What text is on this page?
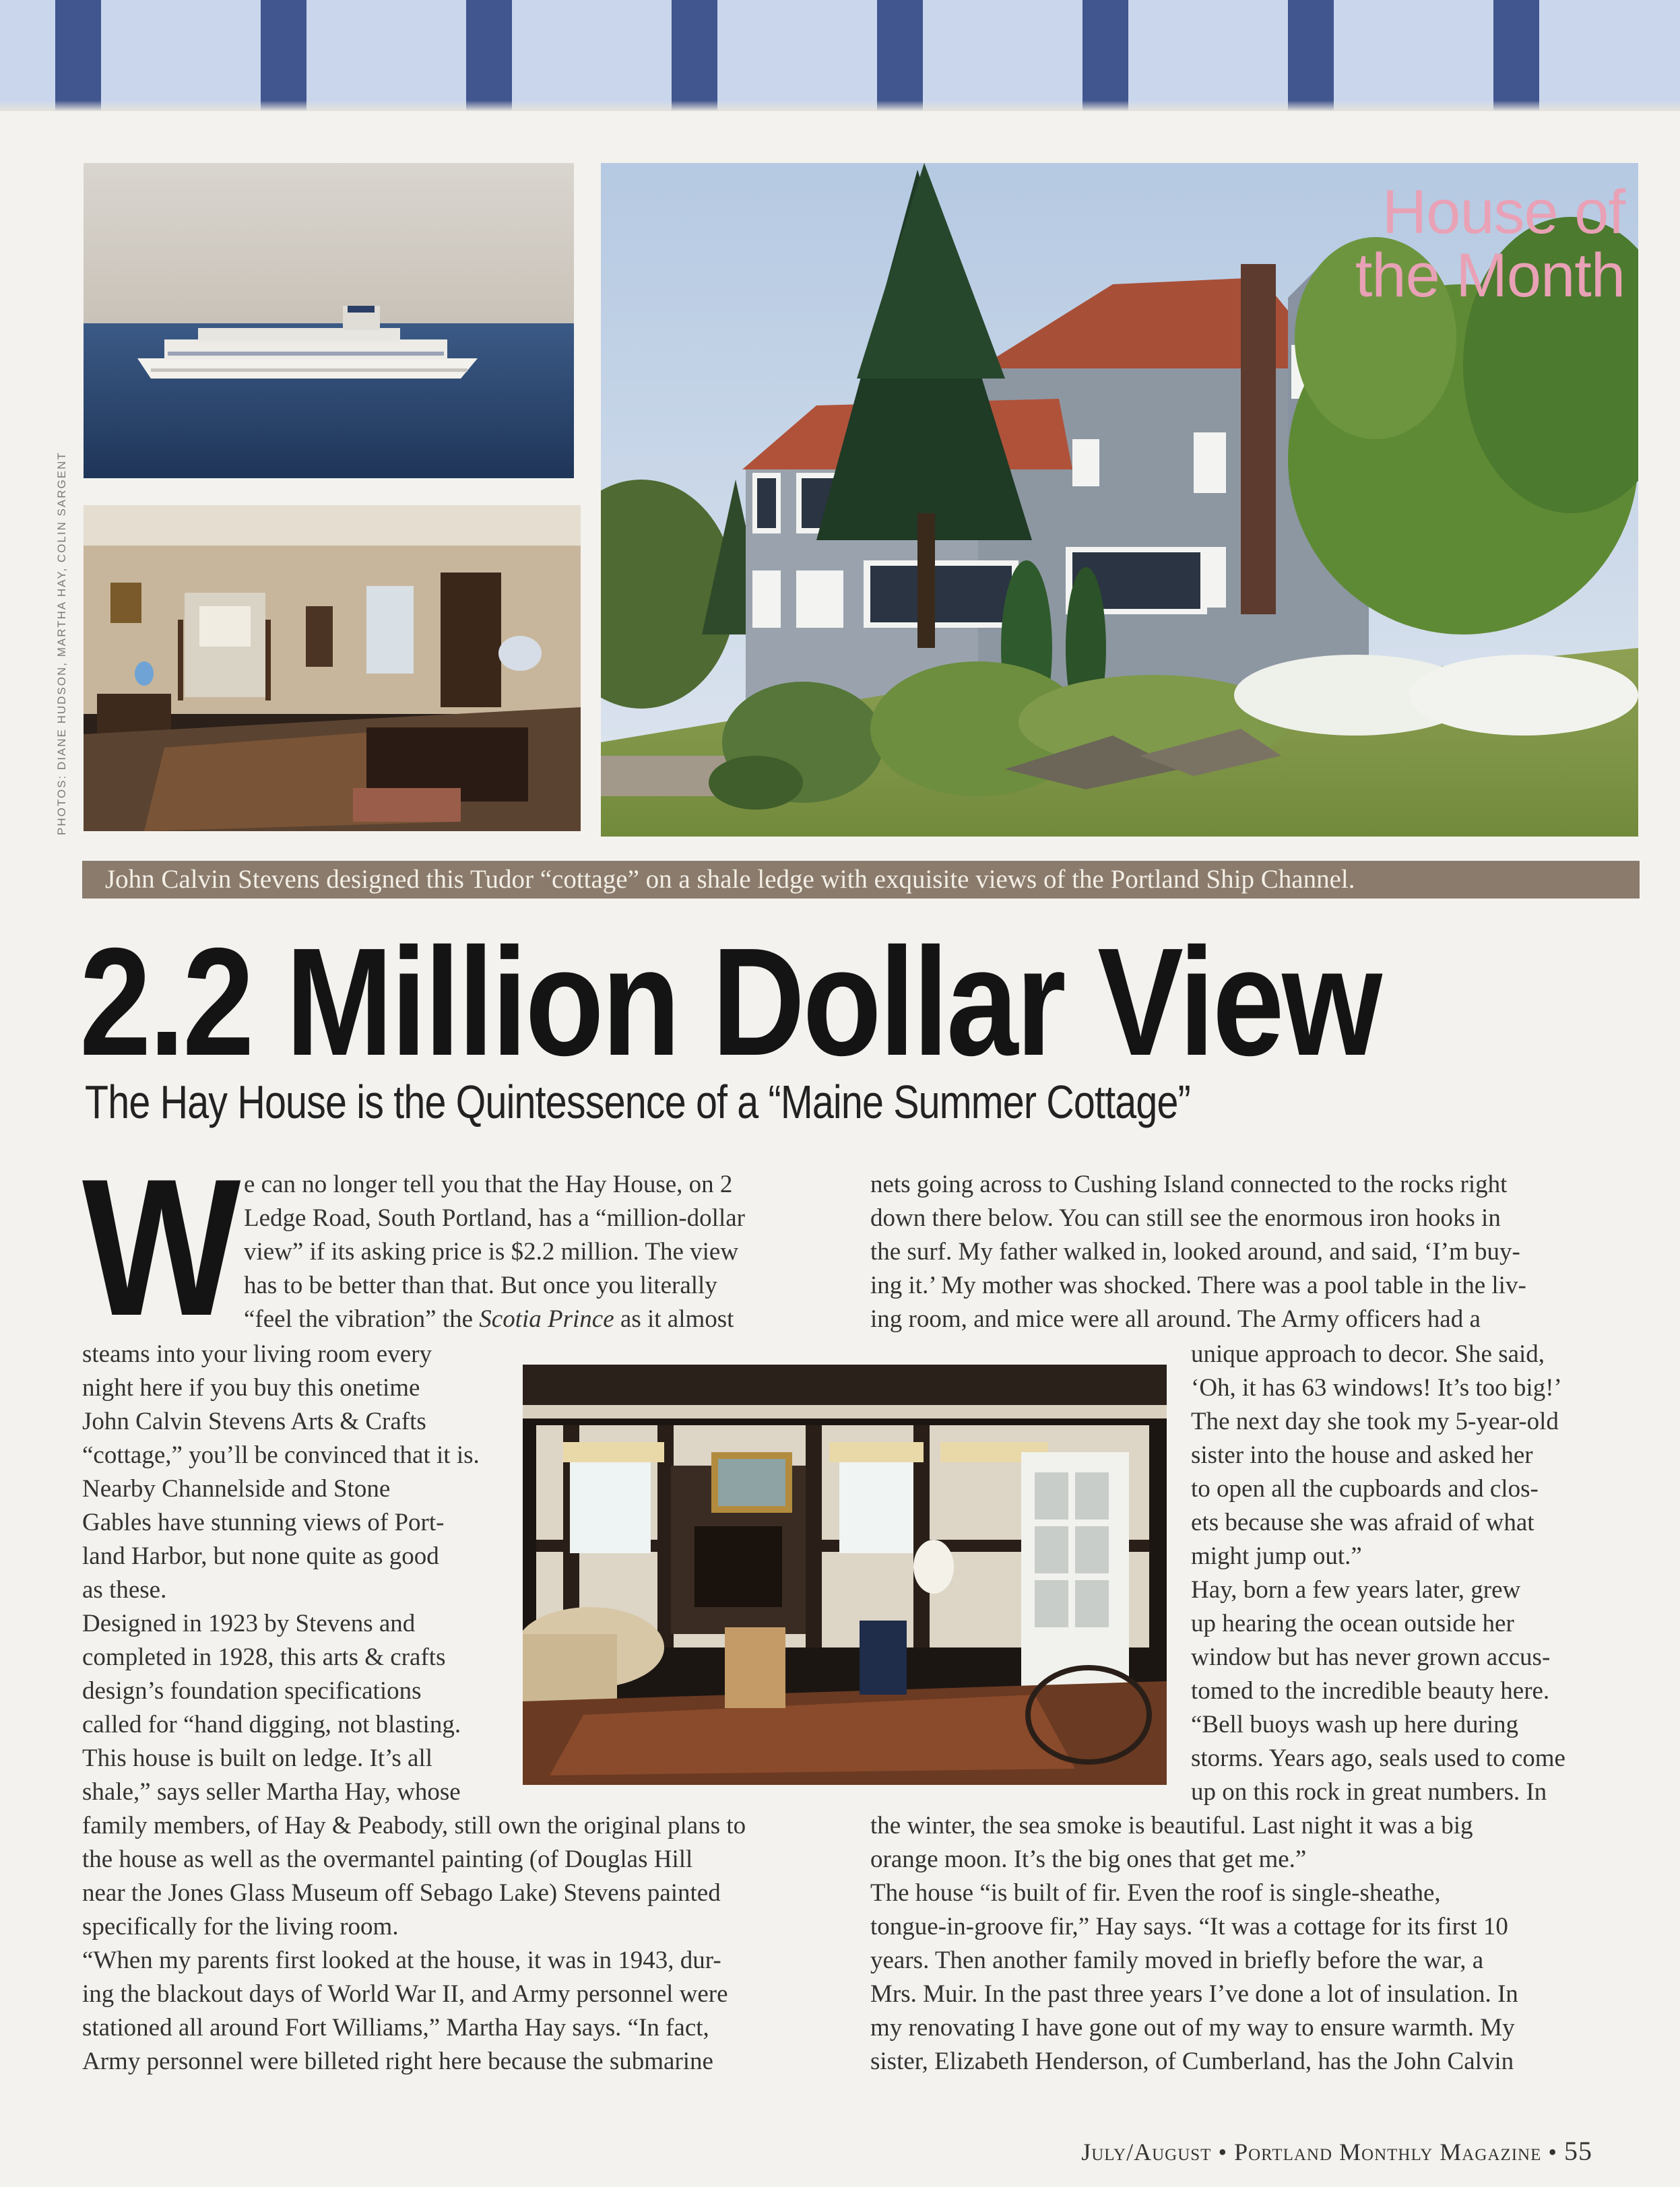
House of
the Month
PHOTOS: DIANE HUDSON, MARTHA HAY, COLIN SARGENT
John Calvin Stevens designed this Tudor “cottage” on a shale ledge with exquisite views of the Portland Ship Channel.
2.2 Million Dollar View
The Hay House is the Quintessence of a “Maine Summer Cottage”
W e can no longer tell you that the Hay House, on 2
Ledge Road, South Portland, has a “million-dollar
view” if its asking price is $2.2 million. The view
has to be better than that. But once you literally
“feel the vibration” the Scotia Prince as it almost
steams into your living room every
night here if you buy this onetime
John Calvin Stevens Arts & Crafts
“cottage,” you’ll be convinced that it is.
Nearby Channelside and Stone
Gables have stunning views of Port-
land Harbor, but none quite as good
as these.
Designed in 1923 by Stevens and
completed in 1928, this arts & crafts
design’s foundation specifications
called for “hand digging, not blasting.
This house is built on ledge. It’s all
shale,” says seller Martha Hay, whose
family members, of Hay & Peabody, still own the original plans to
the house as well as the overmantel painting (of Douglas Hill
near the Jones Glass Museum off Sebago Lake) Stevens painted
specifically for the living room.
“When my parents first looked at the house, it was in 1943, dur-
ing the blackout days of World War II, and Army personnel were
stationed all around Fort Williams,” Martha Hay says. “In fact,
Army personnel were billeted right here because the submarine
nets going across to Cushing Island connected to the rocks right
down there below. You can still see the enormous iron hooks in
the surf. My father walked in, looked around, and said, ‘I’m buy-
ing it.’ My mother was shocked. There was a pool table in the liv-
ing room, and mice were all around. The Army officers had a
unique approach to decor. She said,
‘Oh, it has 63 windows! It’s too big!’
The next day she took my 5-year-old
sister into the house and asked her
to open all the cupboards and clos-
ets because she was afraid of what
might jump out.”
Hay, born a few years later, grew
up hearing the ocean outside her
window but has never grown accus-
tomed to the incredible beauty here.
“Bell buoys wash up here during
storms. Years ago, seals used to come
up on this rock in great numbers. In
the winter, the sea smoke is beautiful. Last night it was a big
orange moon. It’s the big ones that get me.”
The house “is built of fir. Even the roof is single-sheathe,
tongue-in-groove fir,” Hay says. “It was a cottage for its first 10
years. Then another family moved in briefly before the war, a
Mrs. Muir. In the past three years I’ve done a lot of insulation. In
my renovating I have gone out of my way to ensure warmth. My
sister, Elizabeth Henderson, of Cumberland, has the John Calvin
July/August • Portland Monthly Magazine • 55
